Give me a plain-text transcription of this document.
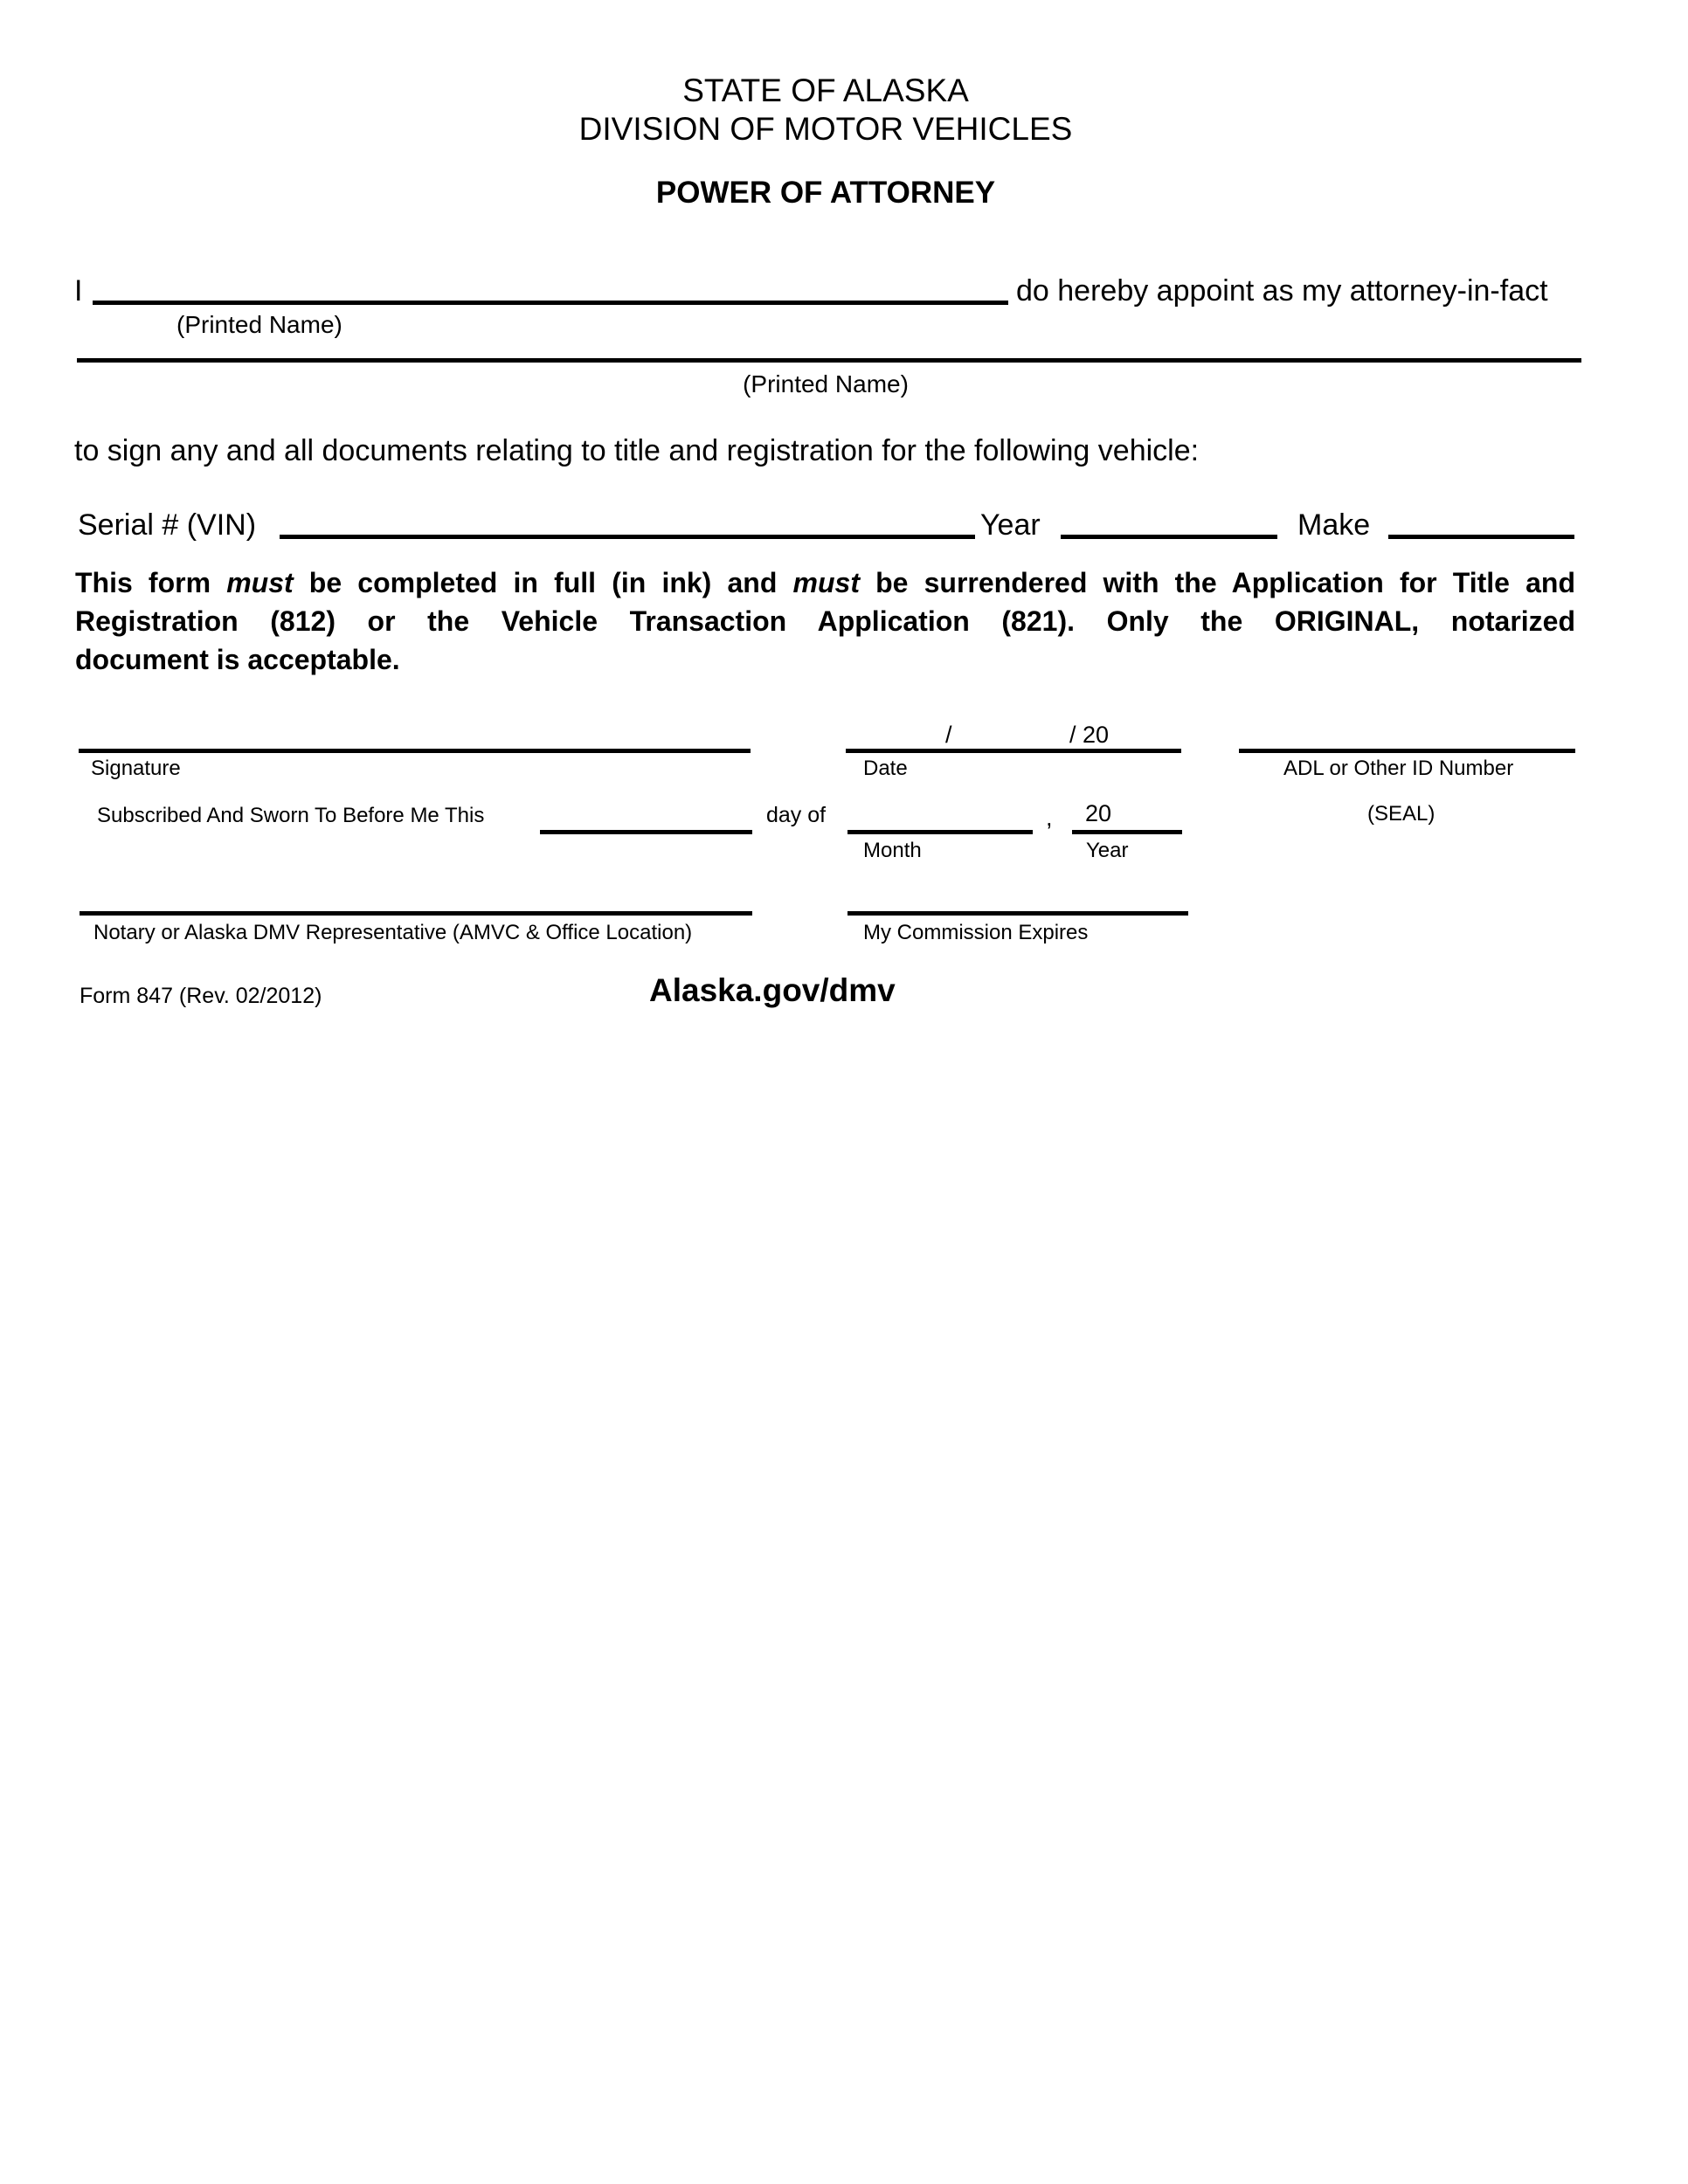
STATE OF ALASKA
DIVISION OF MOTOR VEHICLES
POWER OF ATTORNEY
I	do hereby appoint as my attorney-in-fact
(Printed Name)
(Printed Name)
to sign any and all documents relating to title and registration for the following vehicle:
Serial # (VIN)	Year	Make
This form must be completed in full (in ink) and must be surrendered with the Application for Title and
Registration (812) or the Vehicle Transaction Application (821). Only the ORIGINAL, notarized
document is acceptable.
/	/ 20
Signature	Date	ADL or Other ID Number
Subscribed And Sworn To Before Me This	day of	, 20	(SEAL)
Month	Year
Notary or Alaska DMV Representative (AMVC & Office Location)	My Commission Expires
Form 847 (Rev. 02/2012)	Alaska.gov/dmv
